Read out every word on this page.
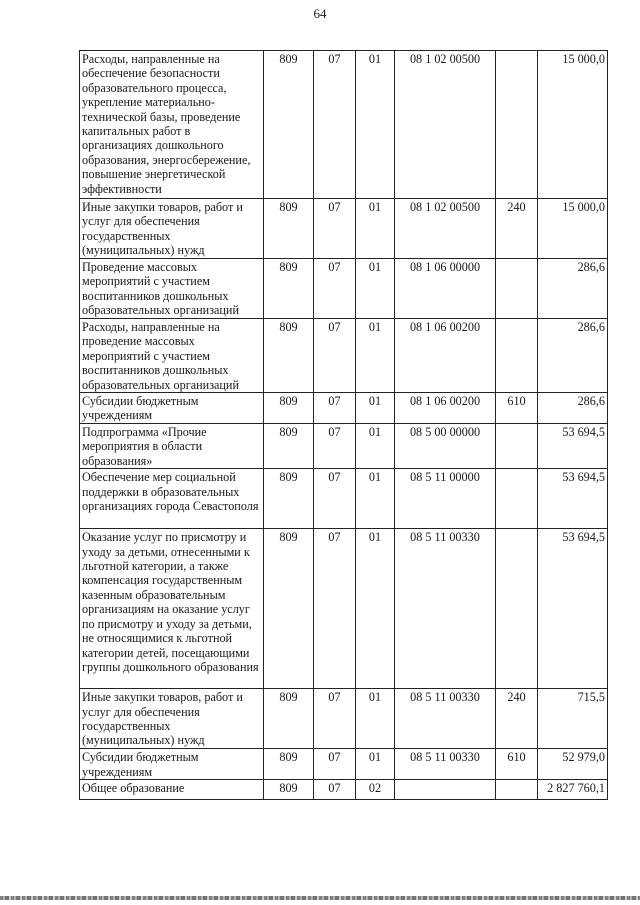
64
Расходы, направленные на обеспечение безопасности образовательного процесса, укрепление материально-технической базы, проведение капитальных работ в организациях дошкольного образования, энергосбережение, повышение энергетической эффективности	809	07	01	08 1 02 00500		15 000,0
Иные закупки товаров, работ и услуг для обеспечения государственных (муниципальных) нужд	809	07	01	08 1 02 00500	240	15 000,0
Проведение массовых мероприятий с участием воспитанников дошкольных образовательных организаций	809	07	01	08 1 06 00000		286,6
Расходы, направленные на проведение массовых мероприятий с участием воспитанников дошкольных образовательных организаций	809	07	01	08 1 06 00200		286,6
Субсидии бюджетным учреждениям	809	07	01	08 1 06 00200	610	286,6
Подпрограмма «Прочие мероприятия в области образования»	809	07	01	08 5 00 00000		53 694,5
Обеспечение мер социальной поддержки в образовательных организациях города Севастополя	809	07	01	08 5 11 00000		53 694,5
Оказание услуг по присмотру и уходу за детьми, отнесенными к льготной категории, а также компенсация государственным казенным образовательным организациям на оказание услуг по присмотру и уходу за детьми, не относящимися к льготной категории детей, посещающими группы дошкольного образования	809	07	01	08 5 11 00330		53 694,5
Иные закупки товаров, работ и услуг для обеспечения государственных (муниципальных) нужд	809	07	01	08 5 11 00330	240	715,5
Субсидии бюджетным учреждениям	809	07	01	08 5 11 00330	610	52 979,0
Общее образование	809	07	02			2 827 760,1
